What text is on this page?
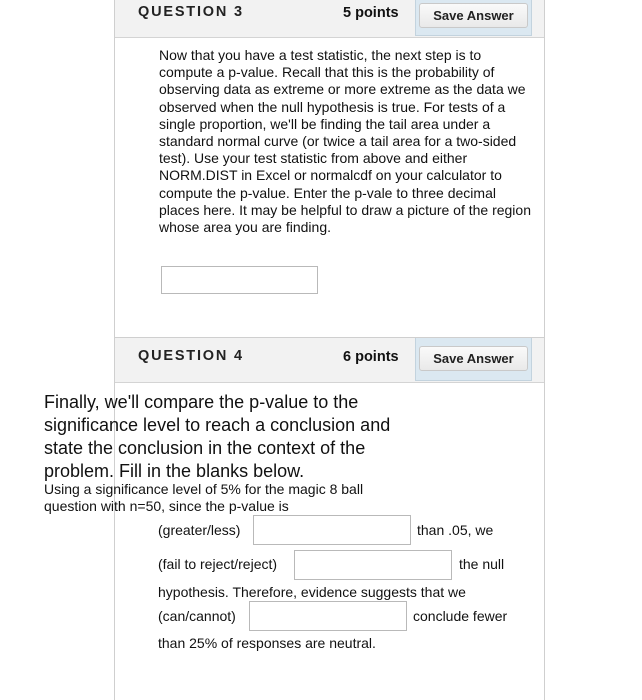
QUESTION 3	5 points	Save Answer
Now that you have a test statistic, the next step is to compute a p-value. Recall that this is the probability of observing data as extreme or more extreme as the data we observed when the null hypothesis is true. For tests of a single proportion, we'll be finding the tail area under a standard normal curve (or twice a tail area for a two-sided test). Use your test statistic from above and either NORM.DIST in Excel or normalcdf on your calculator to compute the p-value. Enter the p-vale to three decimal places here. It may be helpful to draw a picture of the region whose area you are finding.
QUESTION 4	6 points	Save Answer
Finally, we'll compare the p-value to the significance level to reach a conclusion and state the conclusion in the context of the problem. Fill in the blanks below.
Using a significance level of 5% for the magic 8 ball question with n=50, since the p-value is
(greater/less)	than .05, we
(fail to reject/reject)	the null
hypothesis. Therefore, evidence suggests that we
(can/cannot)	conclude fewer
than 25% of responses are neutral.
